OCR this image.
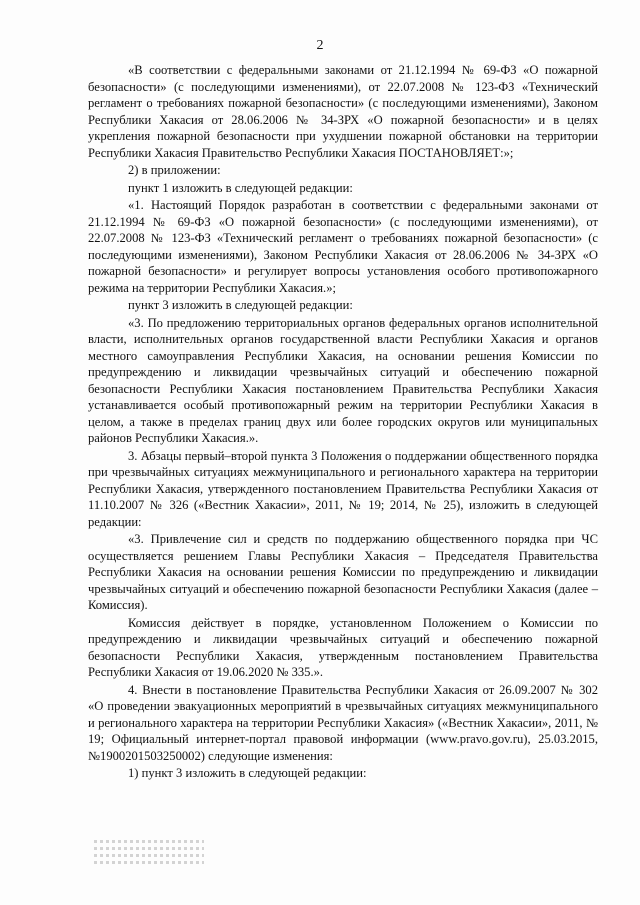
2

«В соответствии с федеральными законами от 21.12.1994 № 69-ФЗ «О пожарной безопасности» (с последующими изменениями), от 22.07.2008 № 123-ФЗ «Технический регламент о требованиях пожарной безопасности» (с последующими изменениями), Законом Республики Хакасия от 28.06.2006 № 34-ЗРХ «О пожарной безопасности» и в целях укрепления пожарной безопасности при ухудшении пожарной обстановки на территории Республики Хакасия Правительство Республики Хакасия ПОСТАНОВЛЯЕТ:»;

2) в приложении:

пункт 1 изложить в следующей редакции:

«1. Настоящий Порядок разработан в соответствии с федеральными законами от 21.12.1994 № 69-ФЗ «О пожарной безопасности» (с последующими изменениями), от 22.07.2008 № 123-ФЗ «Технический регламент о требованиях пожарной безопасности» (с последующими изменениями), Законом Республики Хакасия от 28.06.2006 № 34-ЗРХ «О пожарной безопасности» и регулирует вопросы установления особого противопожарного режима на территории Республики Хакасия.»;

пункт 3 изложить в следующей редакции:

«3. По предложению территориальных органов федеральных органов исполнительной власти, исполнительных органов государственной власти Республики Хакасия и органов местного самоуправления Республики Хакасия, на основании решения Комиссии по предупреждению и ликвидации чрезвычайных ситуаций и обеспечению пожарной безопасности Республики Хакасия постановлением Правительства Республики Хакасия устанавливается особый противопожарный режим на территории Республики Хакасия в целом, а также в пределах границ двух или более городских округов или муниципальных районов Республики Хакасия.».

3. Абзацы первый–второй пункта 3 Положения о поддержании общественного порядка при чрезвычайных ситуациях межмуниципального и регионального характера на территории Республики Хакасия, утвержденного постановлением Правительства Республики Хакасия от 11.10.2007 № 326 («Вестник Хакасии», 2011, № 19; 2014, № 25), изложить в следующей редакции:

«3. Привлечение сил и средств по поддержанию общественного порядка при ЧС осуществляется решением Главы Республики Хакасия – Председателя Правительства Республики Хакасия на основании решения Комиссии по предупреждению и ликвидации чрезвычайных ситуаций и обеспечению пожарной безопасности Республики Хакасия (далее – Комиссия).

Комиссия действует в порядке, установленном Положением о Комиссии по предупреждению и ликвидации чрезвычайных ситуаций и обеспечению пожарной безопасности Республики Хакасия, утвержденным постановлением Правительства Республики Хакасия от 19.06.2020 № 335.».

4. Внести в постановление Правительства Республики Хакасия от 26.09.2007 № 302 «О проведении эвакуационных мероприятий в чрезвычайных ситуациях межмуниципального и регионального характера на территории Республики Хакасия» («Вестник Хакасии», 2011, № 19; Официальный интернет-портал правовой информации (www.pravo.gov.ru), 25.03.2015, №1900201503250002) следующие изменения:

1) пункт 3 изложить в следующей редакции:
